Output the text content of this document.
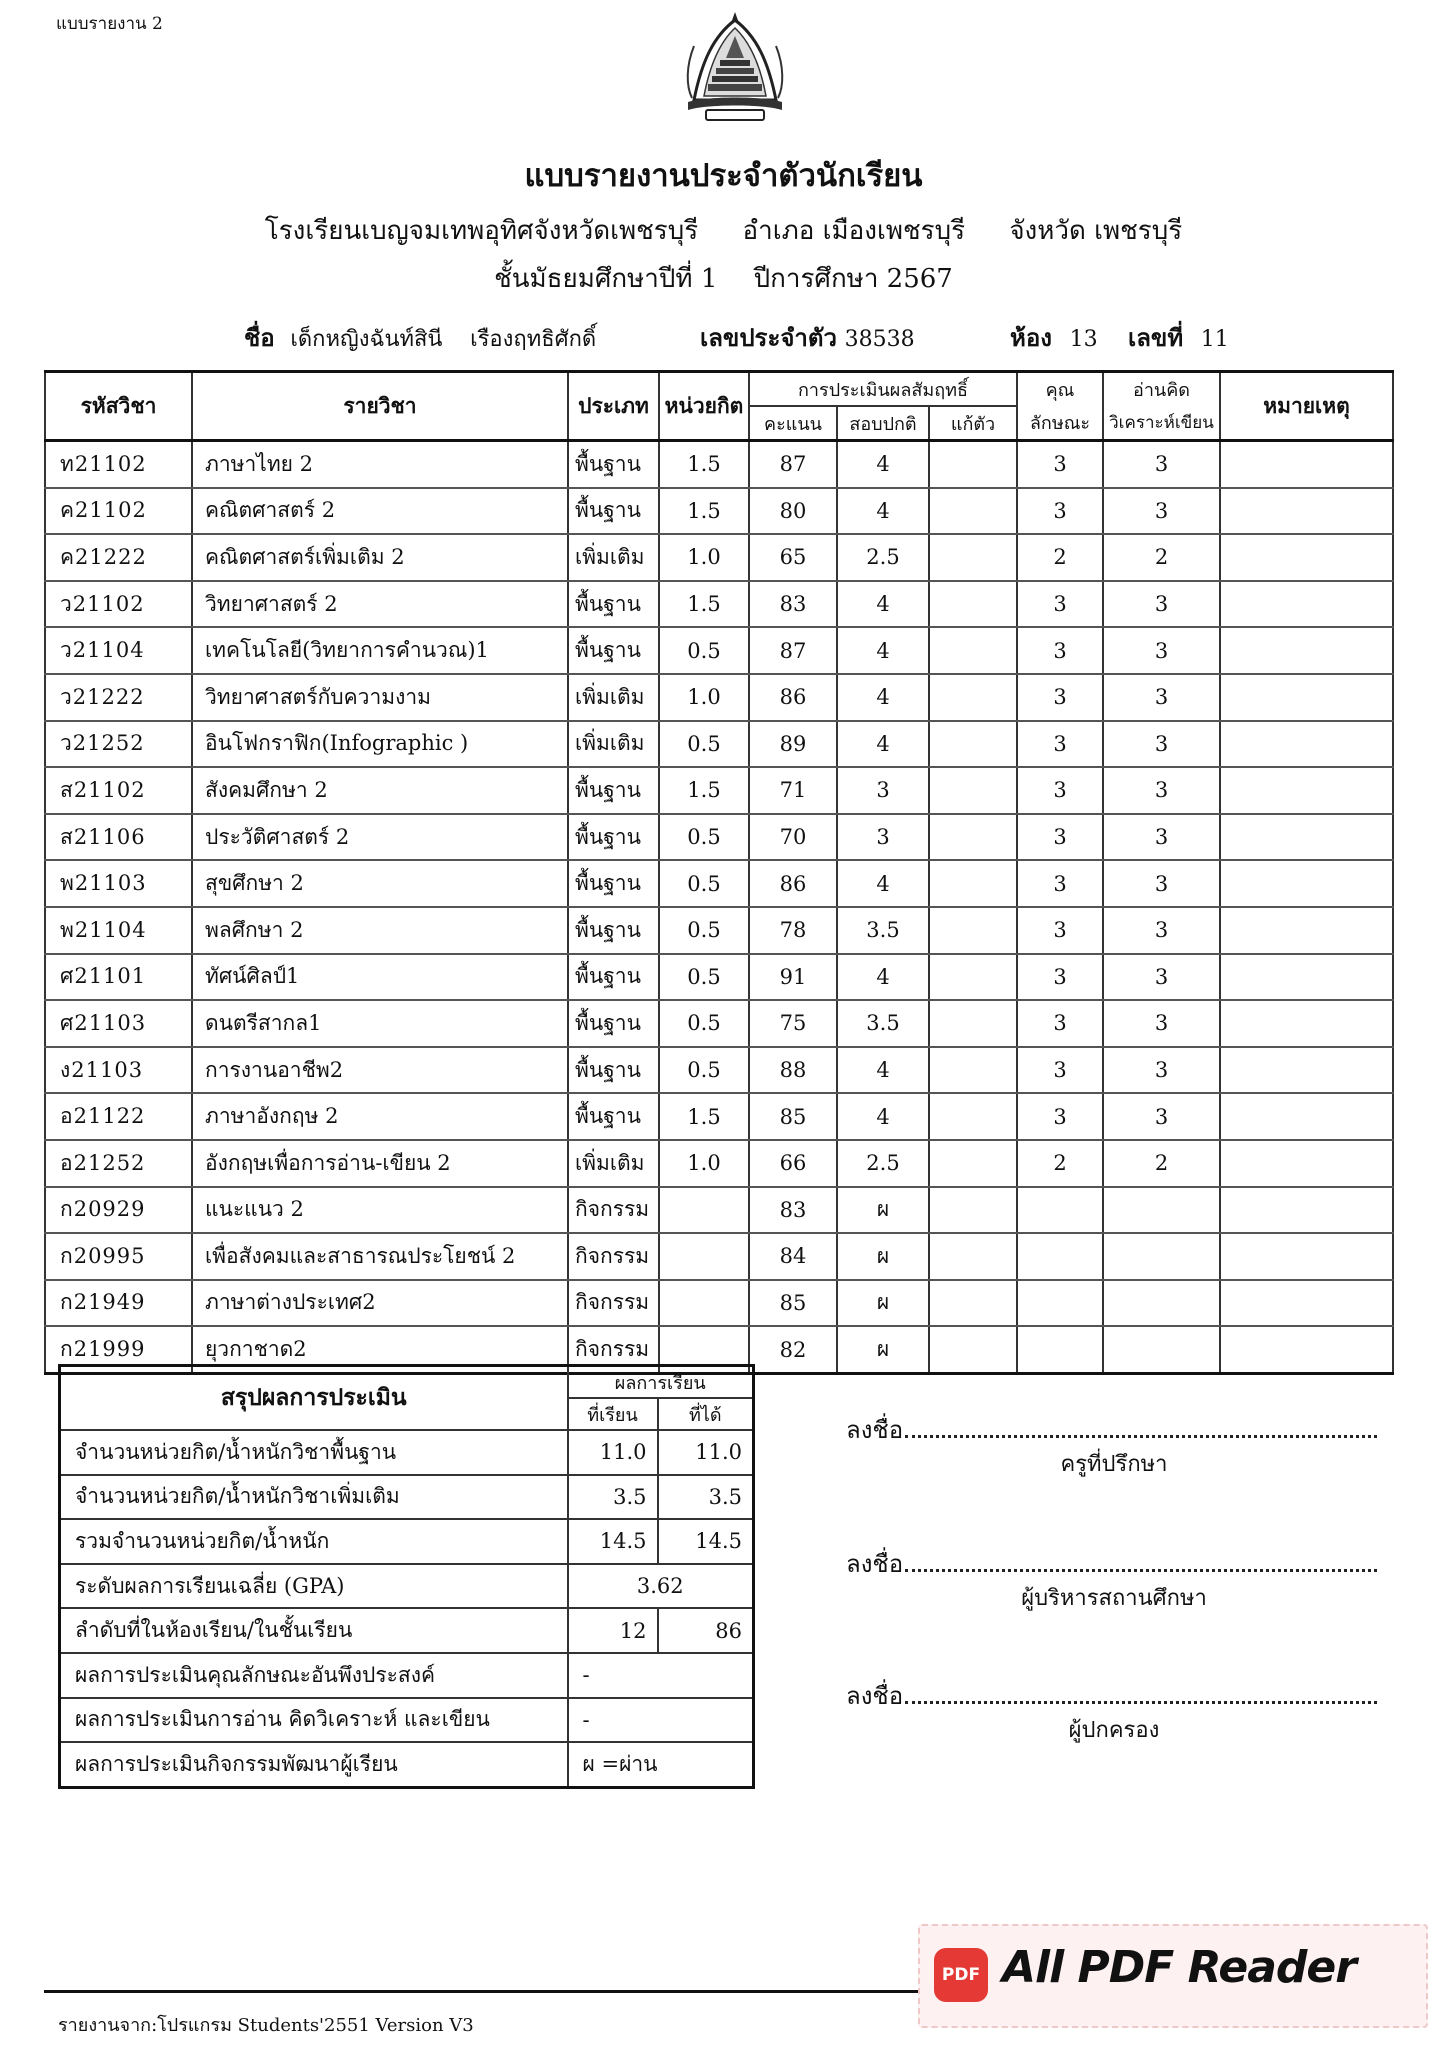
แบบรายงาน 2
แบบรายงานประจำตัวนักเรียน
โรงเรียนเบญจมเทพอุทิศจังหวัดเพชรบุรี อำเภอ เมืองเพชรบุรี จังหวัด เพชรบุรี
ชั้นมัธยมศึกษาปีที่ 1 ปีการศึกษา 2567
ชื่อ เด็กหญิงฉันท์สินี เรืองฤทธิศักดิ์	เลขประจำตัว 38538	ห้อง 13 เลขที่ 11
รหัสวิชา	รายวิชา	ประเภท	หน่วยกิต	การประเมินผลสัมฤทธิ์			คุณ	อ่านคิด	หมายเหตุ
				คะแนน	สอบปกติ	แก้ตัว	ลักษณะ	วิเคราะห์เขียน	
ท21102	ภาษาไทย 2	พื้นฐาน	1.5	87	4		3	3	
ค21102	คณิตศาสตร์ 2	พื้นฐาน	1.5	80	4		3	3	
ค21222	คณิตศาสตร์เพิ่มเติม 2	เพิ่มเติม	1.0	65	2.5		2	2	
ว21102	วิทยาศาสตร์ 2	พื้นฐาน	1.5	83	4		3	3	
ว21104	เทคโนโลยี(วิทยาการคำนวณ)1	พื้นฐาน	0.5	87	4		3	3	
ว21222	วิทยาศาสตร์กับความงาม	เพิ่มเติม	1.0	86	4		3	3	
ว21252	อินโฟกราฟิก(Infographic )	เพิ่มเติม	0.5	89	4		3	3	
ส21102	สังคมศึกษา 2	พื้นฐาน	1.5	71	3		3	3	
ส21106	ประวัติศาสตร์ 2	พื้นฐาน	0.5	70	3		3	3	
พ21103	สุขศึกษา 2	พื้นฐาน	0.5	86	4		3	3	
พ21104	พลศึกษา 2	พื้นฐาน	0.5	78	3.5		3	3	
ศ21101	ทัศน์ศิลป์1	พื้นฐาน	0.5	91	4		3	3	
ศ21103	ดนตรีสากล1	พื้นฐาน	0.5	75	3.5		3	3	
ง21103	การงานอาชีพ2	พื้นฐาน	0.5	88	4		3	3	
อ21122	ภาษาอังกฤษ 2	พื้นฐาน	1.5	85	4		3	3	
อ21252	อังกฤษเพื่อการอ่าน-เขียน 2	เพิ่มเติม	1.0	66	2.5		2	2	
ก20929	แนะแนว 2	กิจกรรม		83	ผ				
ก20995	เพื่อสังคมและสาธารณประโยชน์ 2	กิจกรรม		84	ผ				
ก21949	ภาษาต่างประเทศ2	กิจกรรม		85	ผ				
ก21999	ยุวกาชาด2	กิจกรรม		82	ผ				
สรุปผลการประเมิน	ผลการเรียน	
	ที่เรียน	ที่ได้
จำนวนหน่วยกิต/น้ำหนักวิชาพื้นฐาน	11.0	11.0
จำนวนหน่วยกิต/น้ำหนักวิชาเพิ่มเติม	3.5	3.5
รวมจำนวนหน่วยกิต/น้ำหนัก	14.5	14.5
ระดับผลการเรียนเฉลี่ย (GPA)	3.62	
ลำดับที่ในห้องเรียน/ในชั้นเรียน	12	86
ผลการประเมินคุณลักษณะอันพึงประสงค์	-	
ผลการประเมินการอ่าน คิดวิเคราะห์ และเขียน	-	
ผลการประเมินกิจกรรมพัฒนาผู้เรียน	ผ =ผ่าน	
ลงชื่อ
ครูที่ปรึกษา
ลงชื่อ
ผู้บริหารสถานศึกษา
ลงชื่อ
ผู้ปกครอง
รายงานจาก:โปรแกรม Students'2551 Version V3
PDF All PDF Reader
